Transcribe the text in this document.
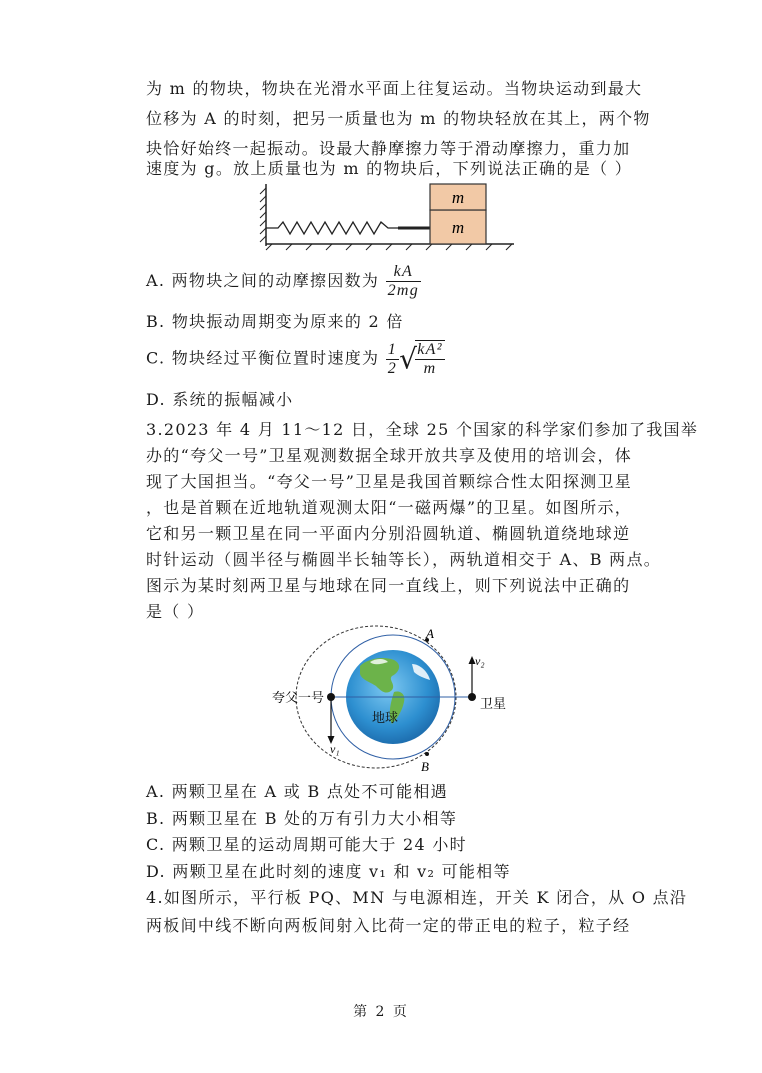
为 m 的物块，物块在光滑水平面上往复运动。当物块运动到最大
位移为 A 的时刻，把另一质量也为 m 的物块轻放在其上，两个物
块恰好始终一起振动。设最大静摩擦力等于滑动摩擦力，重力加
速度为 g。放上质量也为 m 的物块后，下列说法正确的是（ ）
m
m
A. 两物块之间的动摩擦因数为 $\frac{kA}{2mg}$
B. 物块振动周期变为原来的 2 倍
C. 物块经过平衡位置时速度为 $\frac{1}{2}$ √
$\frac{\text{kA²}}{m}$
D. 系统的振幅减小
3.2023 年 4 月 11～12 日，全球 25 个国家的科学家们参加了我国举
办的“夸父一号”卫星观测数据全球开放共享及使用的培训会，体
现了大国担当。“夸父一号”卫星是我国首颗综合性太阳探测卫星
，也是首颗在近地轨道观测太阳“一磁两爆”的卫星。如图所示，
它和另一颗卫星在同一平面内分别沿圆轨道、椭圆轨道绕地球逆
时针运动（圆半径与椭圆半长轴等长），两轨道相交于 A、B 两点。
图示为某时刻两卫星与地球在同一直线上，则下列说法中正确的
是（ ）
夸父一号	卫星
地球
A
B
v₁
v₂
A. 两颗卫星在 A 或 B 点处不可能相遇
B. 两颗卫星在 B 处的万有引力大小相等
C. 两颗卫星的运动周期可能大于 24 小时
D. 两颗卫星在此时刻的速度 v₁ 和 v₂ 可能相等
4.如图所示，平行板 PQ、MN 与电源相连，开关 K 闭合，从 O 点沿
两板间中线不断向两板间射入比荷一定的带正电的粒子，粒子经
第 2 页
